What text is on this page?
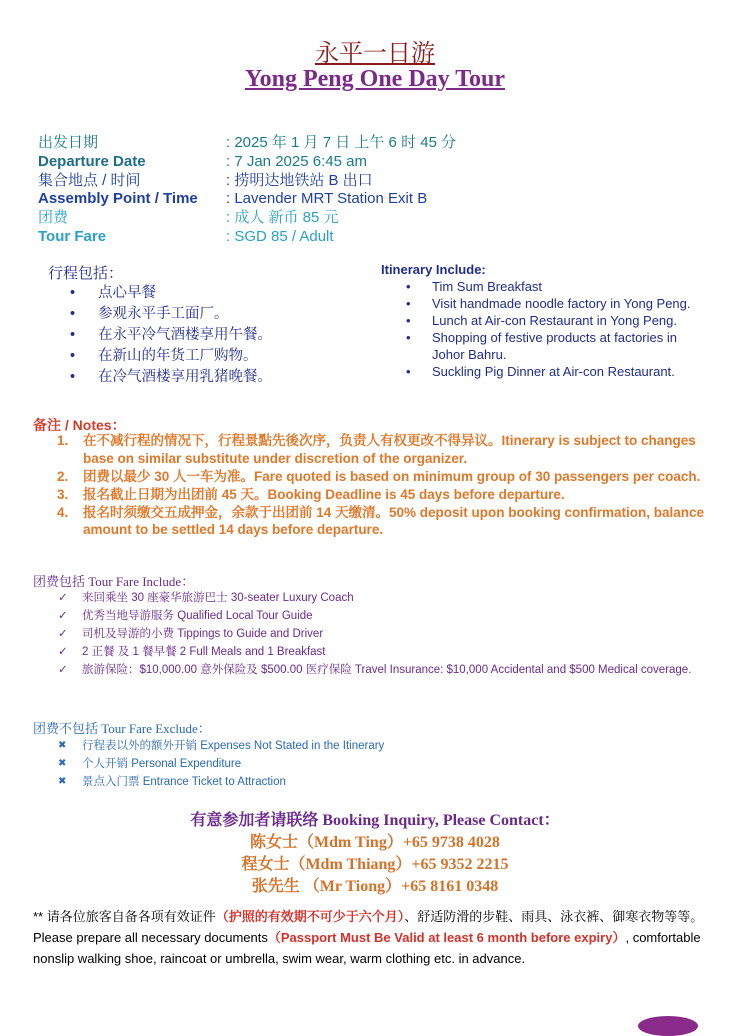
永平一日游
Yong Peng One Day Tour
出发日期	: 2025 年 1 月 7 日 上午 6 时 45 分
Departure Date	: 7 Jan 2025 6:45 am
集合地点 / 时间	: 捞明达地铁站 B 出口
Assembly Point / Time : Lavender MRT Station Exit B
团费	: 成人 新币 85 元
Tour Fare	: SGD 85 / Adult
行程包括：
• 点心早餐
• 参观永平手工面厂。
• 在永平冷气酒楼享用午餐。
• 在新山的年货工厂购物。
• 在冷气酒楼享用乳猪晚餐。
Itinerary Include:
• Tim Sum Breakfast
• Visit handmade noodle factory in Yong Peng.
• Lunch at Air-con Restaurant in Yong Peng.
• Shopping of festive products at factories in Johor Bahru.
• Suckling Pig Dinner at Air-con Restaurant.
备注 / Notes：
1. 在不减行程的情况下，行程景點先後次序，负责人有权更改不得异议。Itinerary is subject to changes base on similar substitute under discretion of the organizer.
2. 团费以最少 30 人一车为准。Fare quoted is based on minimum group of 30 passengers per coach.
3. 报名截止日期为出团前 45 天。Booking Deadline is 45 days before departure.
4. 报名时须缴交五成押金，余款于出团前 14 天缴清。50% deposit upon booking confirmation, balance amount to be settled 14 days before departure.
团费包括 Tour Fare Include：
✓ 来回乘坐 30 座豪华旅游巴士 30-seater Luxury Coach
✓ 优秀当地导游服务 Qualified Local Tour Guide
✓ 司机及导游的小费 Tippings to Guide and Driver
✓ 2 正餐 及 1 餐早餐 2 Full Meals and 1 Breakfast
✓ 旅游保险：$10,000.00 意外保险及 $500.00 医疗保险 Travel Insurance: $10,000 Accidental and $500 Medical coverage.
团费不包括 Tour Fare Exclude：
✖ 行程表以外的额外开销 Expenses Not Stated in the Itinerary
✖ 个人开销 Personal Expenditure
✖ 景点入门票 Entrance Ticket to Attraction
有意参加者请联络 Booking Inquiry, Please Contact：
陈女士（Mdm Ting）+65 9738 4028
程女士（Mdm Thiang）+65 9352 2215
张先生 （Mr Tiong）+65 8161 0348
** 请各位旅客自备各项有效证件（护照的有效期不可少于六个月）、舒适防滑的步鞋、雨具、泳衣裤、御寒衣物等等。Please prepare all necessary documents（Passport Must Be Valid at least 6 month before expiry）, comfortable nonslip walking shoe, raincoat or umbrella, swim wear, warm clothing etc. in advance.
